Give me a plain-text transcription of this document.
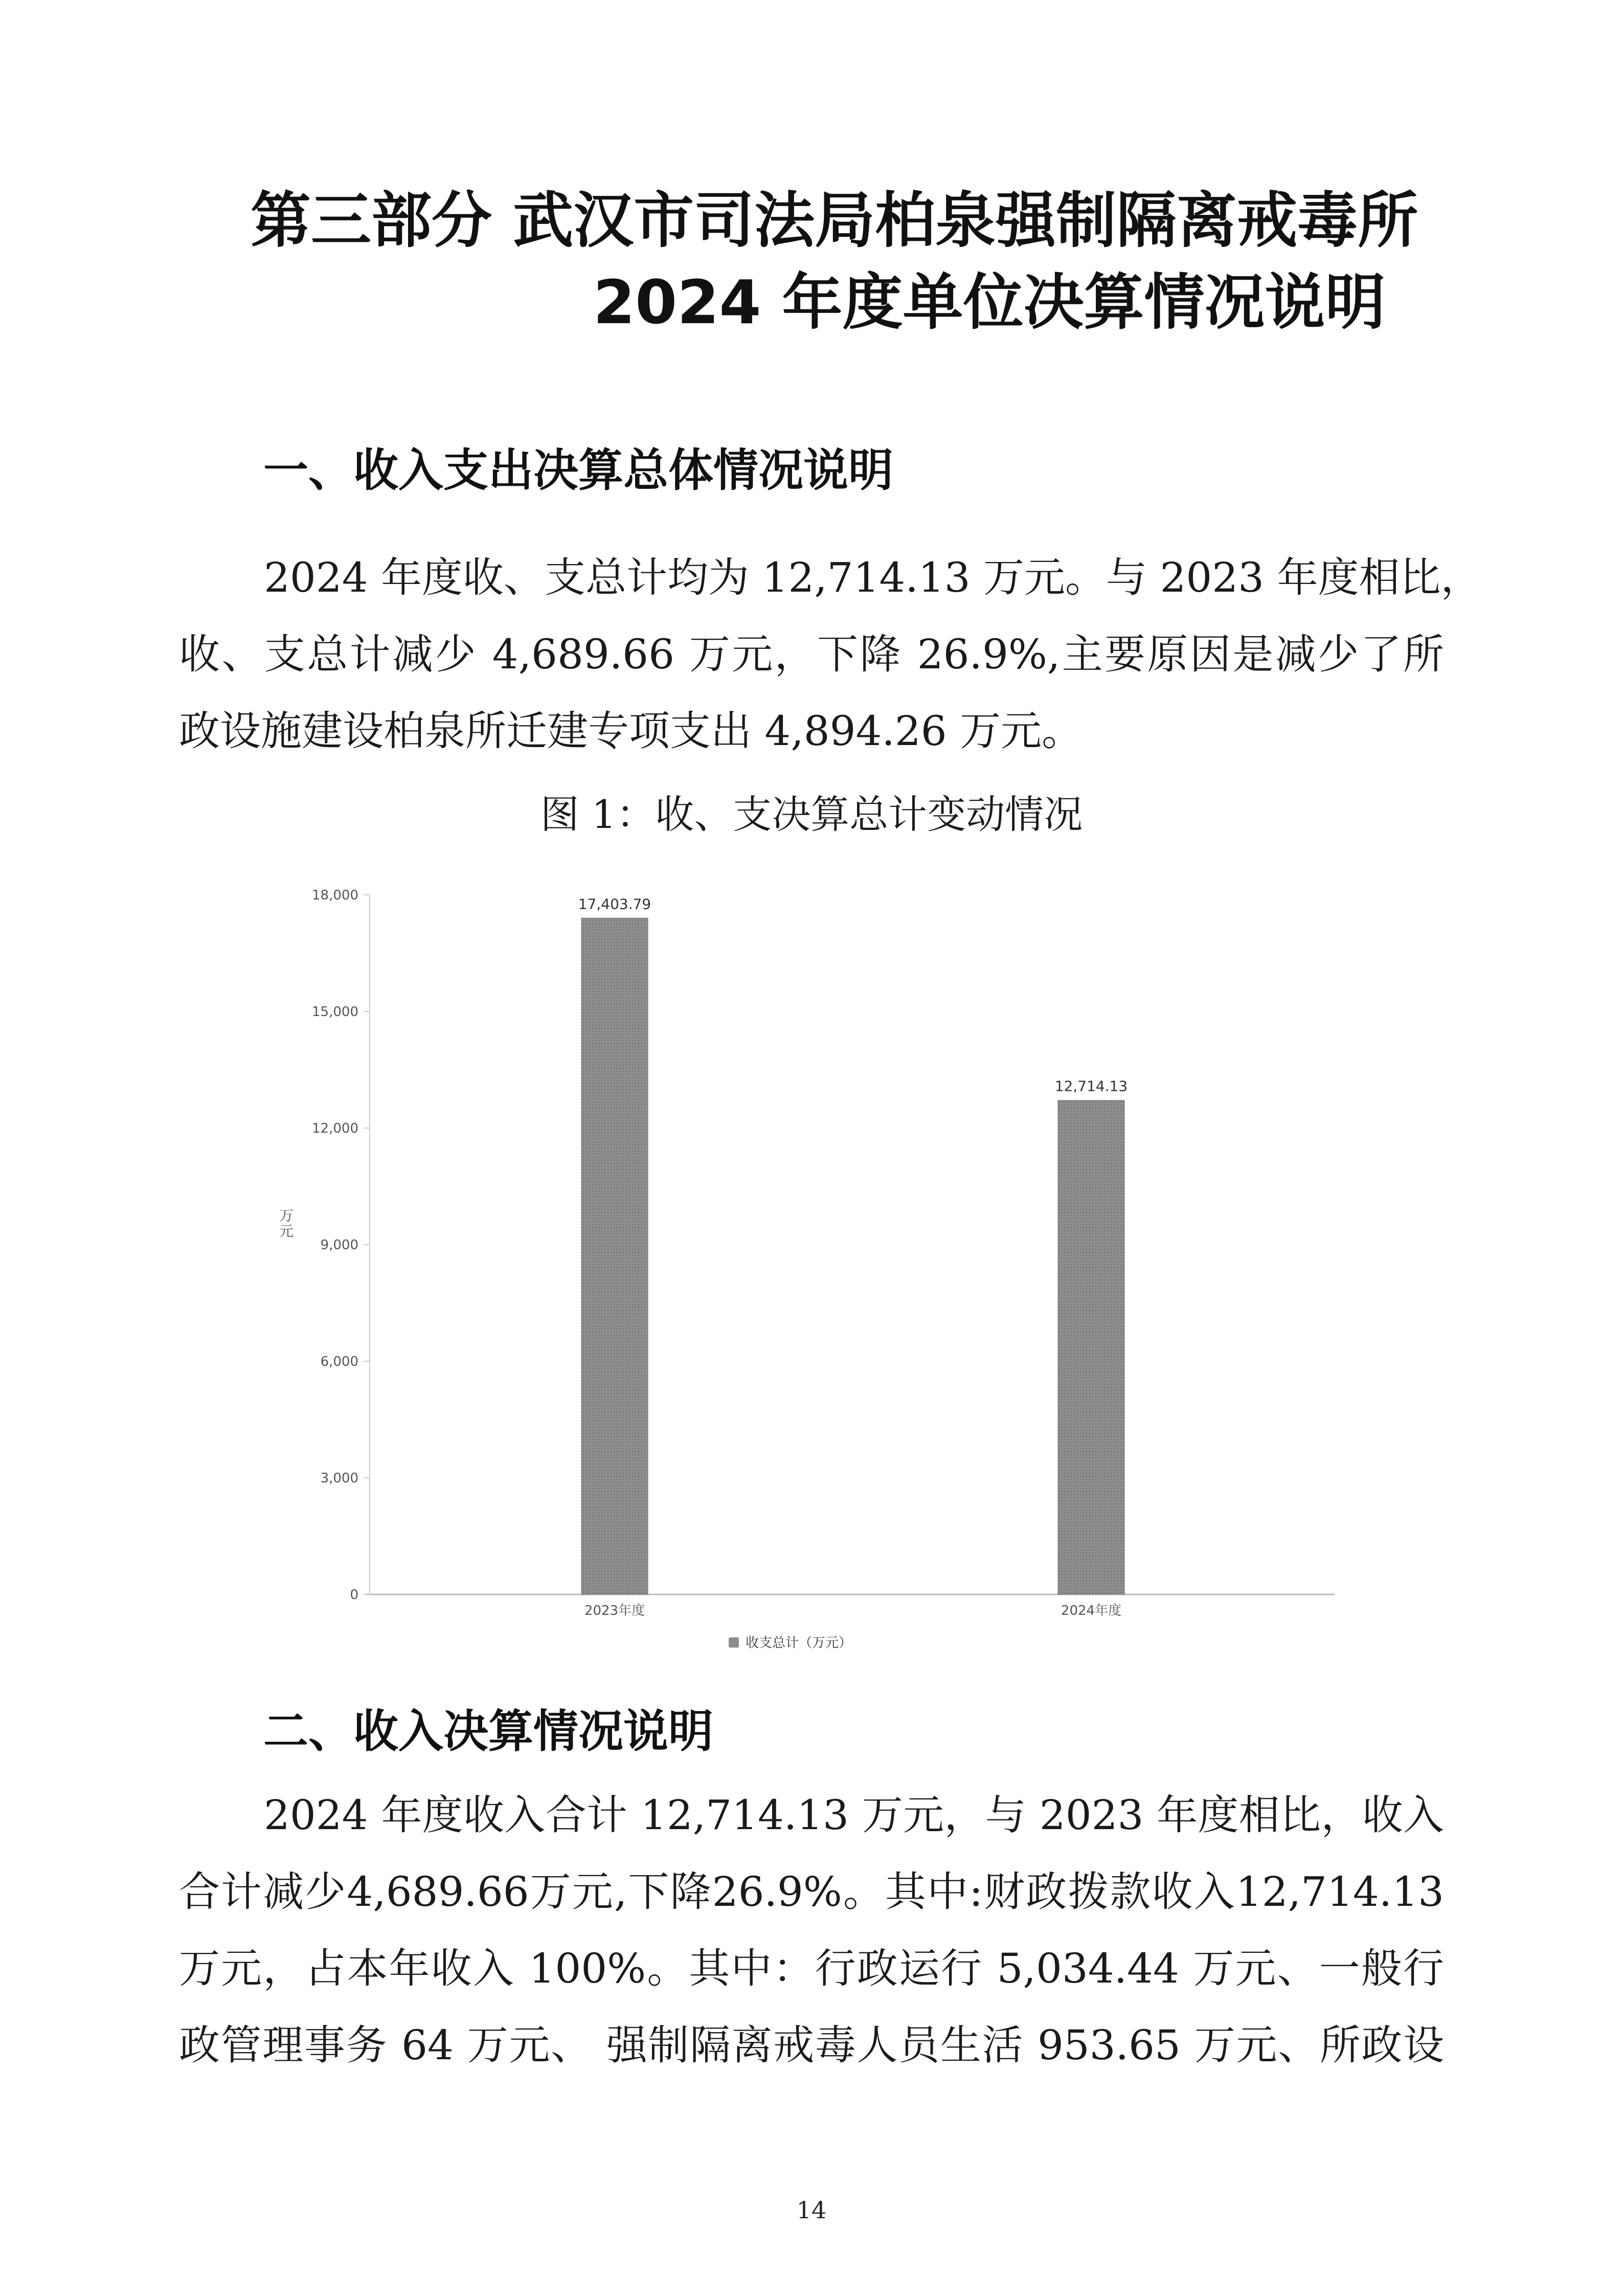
第三部分 武汉市司法局柏泉强制隔离戒毒所
2024 年度单位决算情况说明
一、收入支出决算总体情况说明
2024 年度收、支总计均为 12,714.13 万元。与 2023 年度相比，
收、支总计减少 4,689.66 万元，下降 26.9%,主要原因是减少了所
政设施建设柏泉所迁建专项支出 4,894.26 万元。
图 1：收、支决算总计变动情况
0
3,000
6,000
9,000
12,000
15,000
18,000
万
元
17,403.79
2023年度
12,714.13
2024年度
收支总计（万元）
二、收入决算情况说明
2024 年度收入合计 12,714.13 万元，与 2023 年度相比，收入
合计减少4,689.66万元,下降26.9%。其中:财政拨款收入12,714.13
万元，占本年收入 100%。其中：行政运行 5,034.44 万元、一般行
政管理事务 64 万元、 强制隔离戒毒人员生活 953.65 万元、所政设
14
